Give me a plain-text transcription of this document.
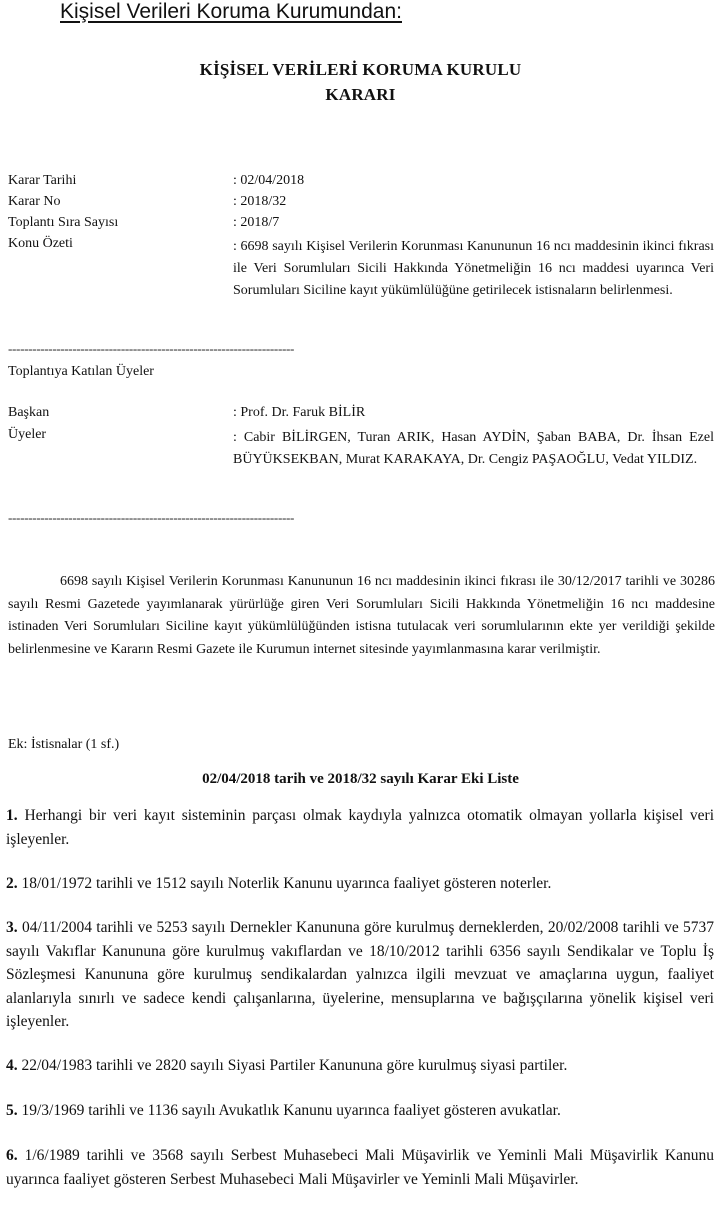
Kişisel Verileri Koruma Kurumundan:
KİŞİSEL VERİLERİ KORUMA KURULU
KARARI
Karar Tarihi	: 02/04/2018
Karar No	: 2018/32
Toplantı Sıra Sayısı	: 2018/7
Konu Özeti	: 6698 sayılı Kişisel Verilerin Korunması Kanununun 16 ncı maddesinin ikinci fıkrası ile Veri Sorumluları Sicili Hakkında Yönetmeliğin 16 ncı maddesi uyarınca Veri Sorumluları Siciline kayıt yükümlülüğüne getirilecek istisnaların belirlenmesi.
-----------------------------------------------------------------------
Toplantıya Katılan Üyeler
Başkan	: Prof. Dr. Faruk BİLİR
Üyeler	: Cabir BİLİRGEN, Turan ARIK, Hasan AYDİN, Şaban BABA, Dr. İhsan Ezel BÜYÜKSEKBAN, Murat KARAKAYA, Dr. Cengiz PAŞAOĞLU, Vedat YILDIZ.
-----------------------------------------------------------------------
6698 sayılı Kişisel Verilerin Korunması Kanununun 16 ncı maddesinin ikinci fıkrası ile 30/12/2017 tarihli ve 30286 sayılı Resmi Gazetede yayımlanarak yürürlüğe giren Veri Sorumluları Sicili Hakkında Yönetmeliğin 16 ncı maddesine istinaden Veri Sorumluları Siciline kayıt yükümlülüğünden istisna tutulacak veri sorumlularının ekte yer verildiği şekilde belirlenmesine ve Kararın Resmi Gazete ile Kurumun internet sitesinde yayımlanmasına karar verilmiştir.
Ek: İstisnalar (1 sf.)
02/04/2018 tarih ve 2018/32 sayılı Karar Eki Liste
1. Herhangi bir veri kayıt sisteminin parçası olmak kaydıyla yalnızca otomatik olmayan yollarla kişisel veri işleyenler.
2. 18/01/1972 tarihli ve 1512 sayılı Noterlik Kanunu uyarınca faaliyet gösteren noterler.
3. 04/11/2004 tarihli ve 5253 sayılı Dernekler Kanununa göre kurulmuş derneklerden, 20/02/2008 tarihli ve 5737 sayılı Vakıflar Kanununa göre kurulmuş vakıflardan ve 18/10/2012 tarihli 6356 sayılı Sendikalar ve Toplu İş Sözleşmesi Kanununa göre kurulmuş sendikalardan yalnızca ilgili mevzuat ve amaçlarına uygun, faaliyet alanlarıyla sınırlı ve sadece kendi çalışanlarına, üyelerine, mensuplarına ve bağışçılarına yönelik kişisel veri işleyenler.
4. 22/04/1983 tarihli ve 2820 sayılı Siyasi Partiler Kanununa göre kurulmuş siyasi partiler.
5. 19/3/1969 tarihli ve 1136 sayılı Avukatlık Kanunu uyarınca faaliyet gösteren avukatlar.
6. 1/6/1989 tarihli ve 3568 sayılı Serbest Muhasebeci Mali Müşavirlik ve Yeminli Mali Müşavirlik Kanunu uyarınca faaliyet gösteren Serbest Muhasebeci Mali Müşavirler ve Yeminli Mali Müşavirler.
